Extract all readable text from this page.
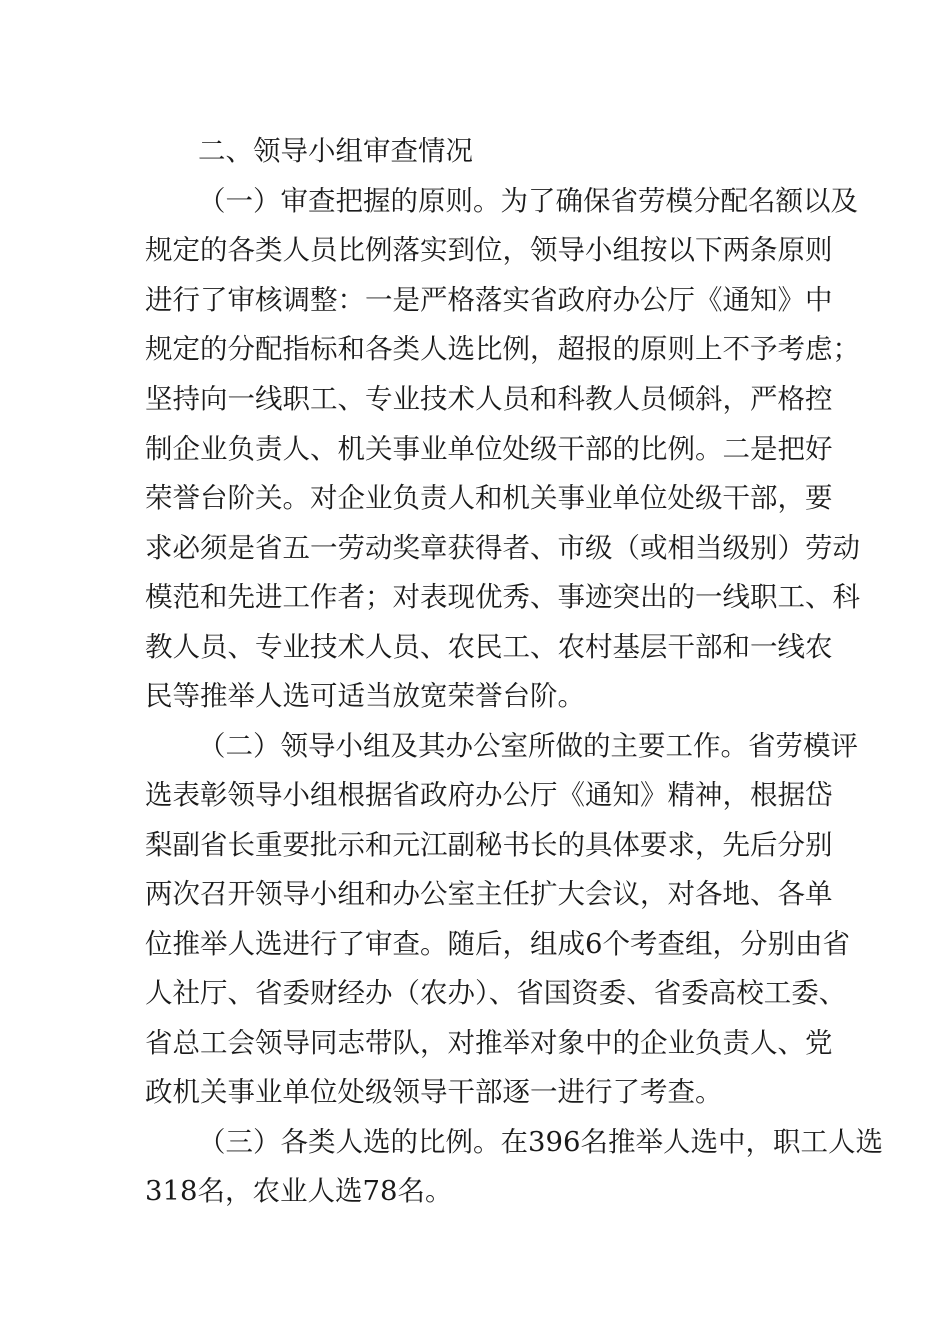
二、领导小组审查情况
（一）审查把握的原则。为了确保省劳模分配名额以及
规定的各类人员比例落实到位，领导小组按以下两条原则
进行了审核调整：一是严格落实省政府办公厅《通知》中
规定的分配指标和各类人选比例，超报的原则上不予考虑；
坚持向一线职工、专业技术人员和科教人员倾斜，严格控
制企业负责人、机关事业单位处级干部的比例。二是把好
荣誉台阶关。对企业负责人和机关事业单位处级干部，要
求必须是省五一劳动奖章获得者、市级（或相当级别）劳动
模范和先进工作者；对表现优秀、事迹突出的一线职工、科
教人员、专业技术人员、农民工、农村基层干部和一线农
民等推举人选可适当放宽荣誉台阶。
（二）领导小组及其办公室所做的主要工作。省劳模评
选表彰领导小组根据省政府办公厅《通知》精神，根据岱
梨副省长重要批示和元江副秘书长的具体要求，先后分别
两次召开领导小组和办公室主任扩大会议，对各地、各单
位推举人选进行了审查。随后，组成6个考查组，分别由省
人社厅、省委财经办（农办）、省国资委、省委高校工委、
省总工会领导同志带队，对推举对象中的企业负责人、党
政机关事业单位处级领导干部逐一进行了考查。
（三）各类人选的比例。在396名推举人选中，职工人选
318名，农业人选78名。
